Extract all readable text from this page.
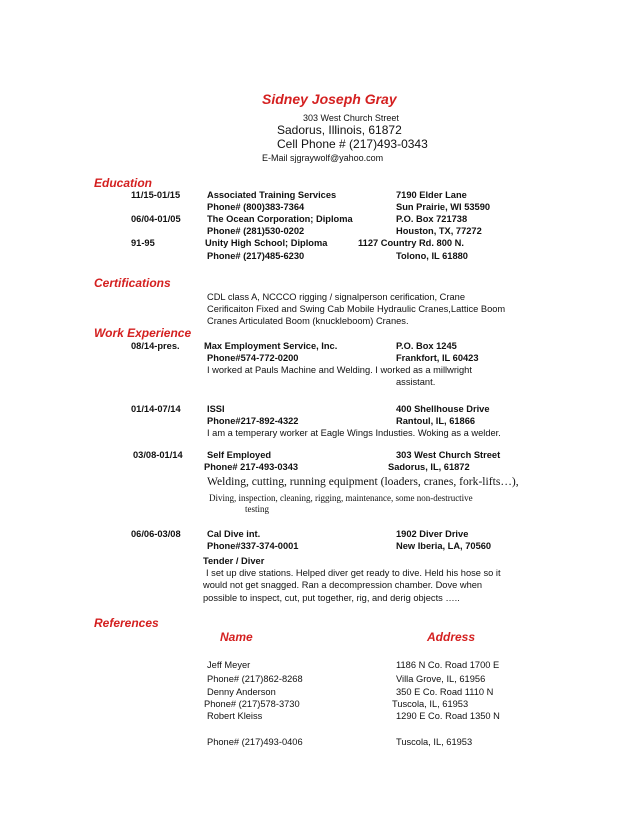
Sidney Joseph Gray
303 West Church Street
Sadorus, Illinois, 61872
Cell Phone # (217)493-0343
E-Mail sjgraywolf@yahoo.com
Education
11/15-01/15	Associated Training Services	7190 Elder Lane
Phone# (800)383-7364	Sun Prairie, WI 53590
06/04-01/05	The Ocean Corporation; Diploma	P.O. Box 721738
Phone# (281)530-0202	Houston, TX, 77272
91-95	Unity High School; Diploma	1127 Country Rd. 800 N.
Phone# (217)485-6230	Tolono, IL 61880
Certifications
CDL class A, NCCCO rigging / signalperson cerification, Crane
Cerificaiton Fixed and Swing Cab Mobile Hydraulic Cranes,Lattice Boom
Cranes Articulated Boom (knuckleboom) Cranes.
Work Experience
08/14-pres.	Max Employment Service, Inc.	P.O. Box 1245
Phone#574-772-0200	Frankfort, IL 60423
I worked at Pauls Machine and Welding. I worked as a millwright
assistant.
01/14-07/14	ISSI	400 Shellhouse Drive
Phone#217-892-4322	Rantoul, IL, 61866
I am a temperary worker at Eagle Wings Industies. Woking as a welder.
03/08-01/14	Self Employed	303 West Church Street
Phone# 217-493-0343	Sadorus, IL, 61872
Welding, cutting, running equipment (loaders, cranes, fork-lifts…),
Diving, inspection, cleaning, rigging, maintenance, some non-destructive
testing
06/06-03/08	Cal Dive int.	1902 Diver Drive
Phone#337-374-0001	New Iberia, LA, 70560
Tender / Diver
I set up dive stations. Helped diver get ready to dive. Held his hose so it
would not get snagged. Ran a decompression chamber. Dove when
possible to inspect, cut, put together, rig, and derig objects …..
References
Name	Address
Jeff Meyer	1186 N Co. Road 1700 E
Phone# (217)862-8268	Villa Grove, IL, 61956
Denny Anderson	350 E Co. Road 1110 N
Phone# (217)578-3730	Tuscola, IL, 61953
Robert Kleiss	1290 E Co. Road 1350 N
Phone# (217)493-0406	Tuscola, IL, 61953
